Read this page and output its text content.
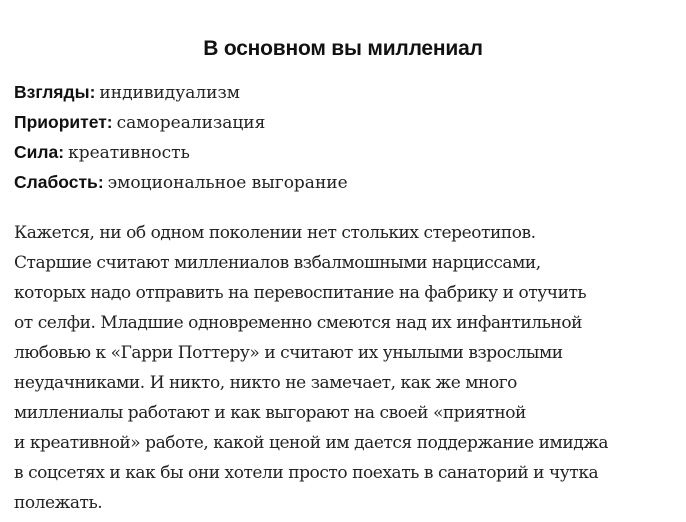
В основном вы миллениал
Взгляды: индивидуализм
Приоритет: самореализация
Сила: креативность
Слабость: эмоциональное выгорание

Кажется, ни об одном поколении нет стольких стереотипов.
Старшие считают миллениалов взбалмошными нарциссами,
которых надо отправить на перевоспитание на фабрику и отучить
от селфи. Младшие одновременно смеются над их инфантильной
любовью к «Гарри Поттеру» и считают их унылыми взрослыми
неудачниками. И никто, никто не замечает, как же много
миллениалы работают и как выгорают на своей «приятной
и креативной» работе, какой ценой им дается поддержание имиджа
в соцсетях и как бы они хотели просто поехать в санаторий и чутка
полежать.
